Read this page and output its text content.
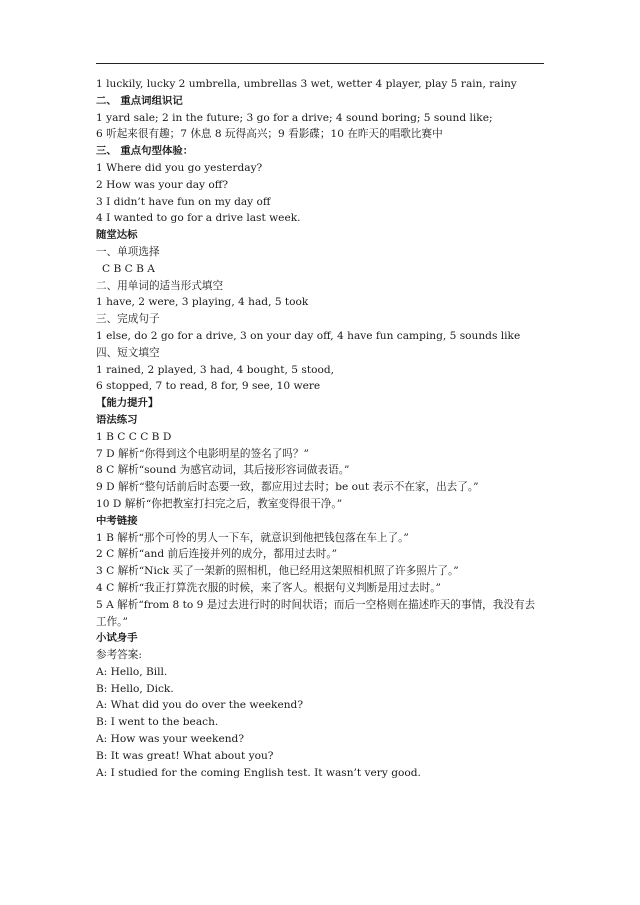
1 luckily, lucky 2 umbrella, umbrellas 3 wet, wetter 4 player, play 5 rain, rainy
二、 重点词组识记
1 yard sale; 2 in the future; 3 go for a drive; 4 sound boring; 5 sound like;
6 听起来很有趣；7 休息 8 玩得高兴；9 看影碟；10 在昨天的唱歌比赛中
三、 重点句型体验：
1 Where did you go yesterday?
2 How was your day off?
3 I didn’t have fun on my day off
4 I wanted to go for a drive last week.
随堂达标
一、单项选择
C B C B A
二、用单词的适当形式填空
1 have, 2 were, 3 playing, 4 had, 5 took
三、完成句子
1 else, do 2 go for a drive, 3 on your day off, 4 have fun camping, 5 sounds like
四、短文填空
1 rained, 2 played, 3 had, 4 bought, 5 stood,
6 stopped, 7 to read, 8 for, 9 see, 10 were
【能力提升】
语法练习
1 B C C C B D
7 D 解析“你得到这个电影明星的签名了吗？”
8 C 解析“sound 为感官动词，其后接形容词做表语。”
9 D 解析“整句话前后时态要一致，都应用过去时；be out 表示不在家，出去了。”
10 D 解析“你把教室打扫完之后，教室变得很干净。”
中考链接
1 B 解析“那个可怜的男人一下车，就意识到他把钱包落在车上了。”
2 C 解析“and 前后连接并列的成分，都用过去时。”
3 C 解析“Nick 买了一架新的照相机，他已经用这架照相机照了许多照片了。”
4 C 解析“我正打算洗衣服的时候，来了客人。根据句义判断是用过去时。”
5 A 解析“from 8 to 9 是过去进行时的时间状语；而后一空格则在描述昨天的事情，我没有去
工作。”
小试身手
参考答案:
A: Hello, Bill.
B: Hello, Dick.
A: What did you do over the weekend?
B: I went to the beach.
A: How was your weekend?
B: It was great! What about you?
A: I studied for the coming English test. It wasn’t very good.
